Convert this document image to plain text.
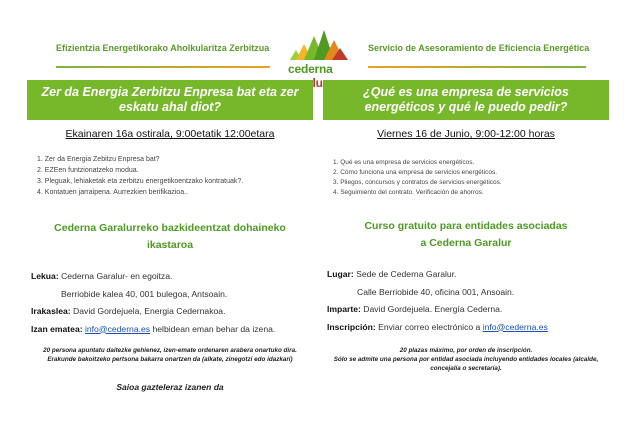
Efizientzia Energetikorako Aholkularitza Zerbitzua
cederna
Servicio de Asesoramiento de Eficiencia Energética
Zer da Energia Zerbitzu Enpresa bat eta zer eskatu ahal diot?
Ekainaren 16a ostirala, 9:00etatik 12:00etara
1. Zer da Energia Zebitzu Enpresa bat?
2. EZEen funtzionatzeko modua.
3. Pleguak, lehiaketak eta zerbitzu energetikoentzako kontratuak?.
4. Kontatuen jarraipena. Aurrezkien berifikazioa..
Cederna Garalurreko bazkideentzat dohaineko
ikastaroa
Lekua: Cederna Garalur- en egoitza.
Berriobide kalea 40, 001 bulegoa, Antsoain.
Irakaslea: David Gordejuela, Energia Cedernakoa.
Izan ematea: info@cederna.es helbidean eman behar da izena.
20 persona apuntatu daitezke gehienez, izen-emate ordenaren arabera onartuko dira.
Erakunde bakoitzeko pertsona bakarra onartzen da (alkate, zinegotzi edo idazkari)
Saioa gazteleraz izanen da
¿Qué es una empresa de servicios energéticos y qué le puedo pedir?
Viernes 16 de Junio, 9:00-12:00 horas
1. Qué es una empresa de servicios energéticos.
2. Cómo funciona una empresa de servicios energéticos.
3. Pliegos, concursos y contratos de servicios energéticos.
4. Seguimiento del contrato. Verificación de ahorros.
Curso gratuito para entidades asociadas
a Cederna Garalur
Lugar: Sede de Cederna Garalur.
Calle Berriobide 40, oficina 001, Ansoain.
Imparte: David Gordejuela. Energía Cederna.
Inscripción: Enviar correo electrónico a info@cederna.es
20 plazas máximo, por orden de inscripción.
Sólo se admite una persona por entidad asociada incluyendo entidades locales (alcalde, concejalía o secretaría).
